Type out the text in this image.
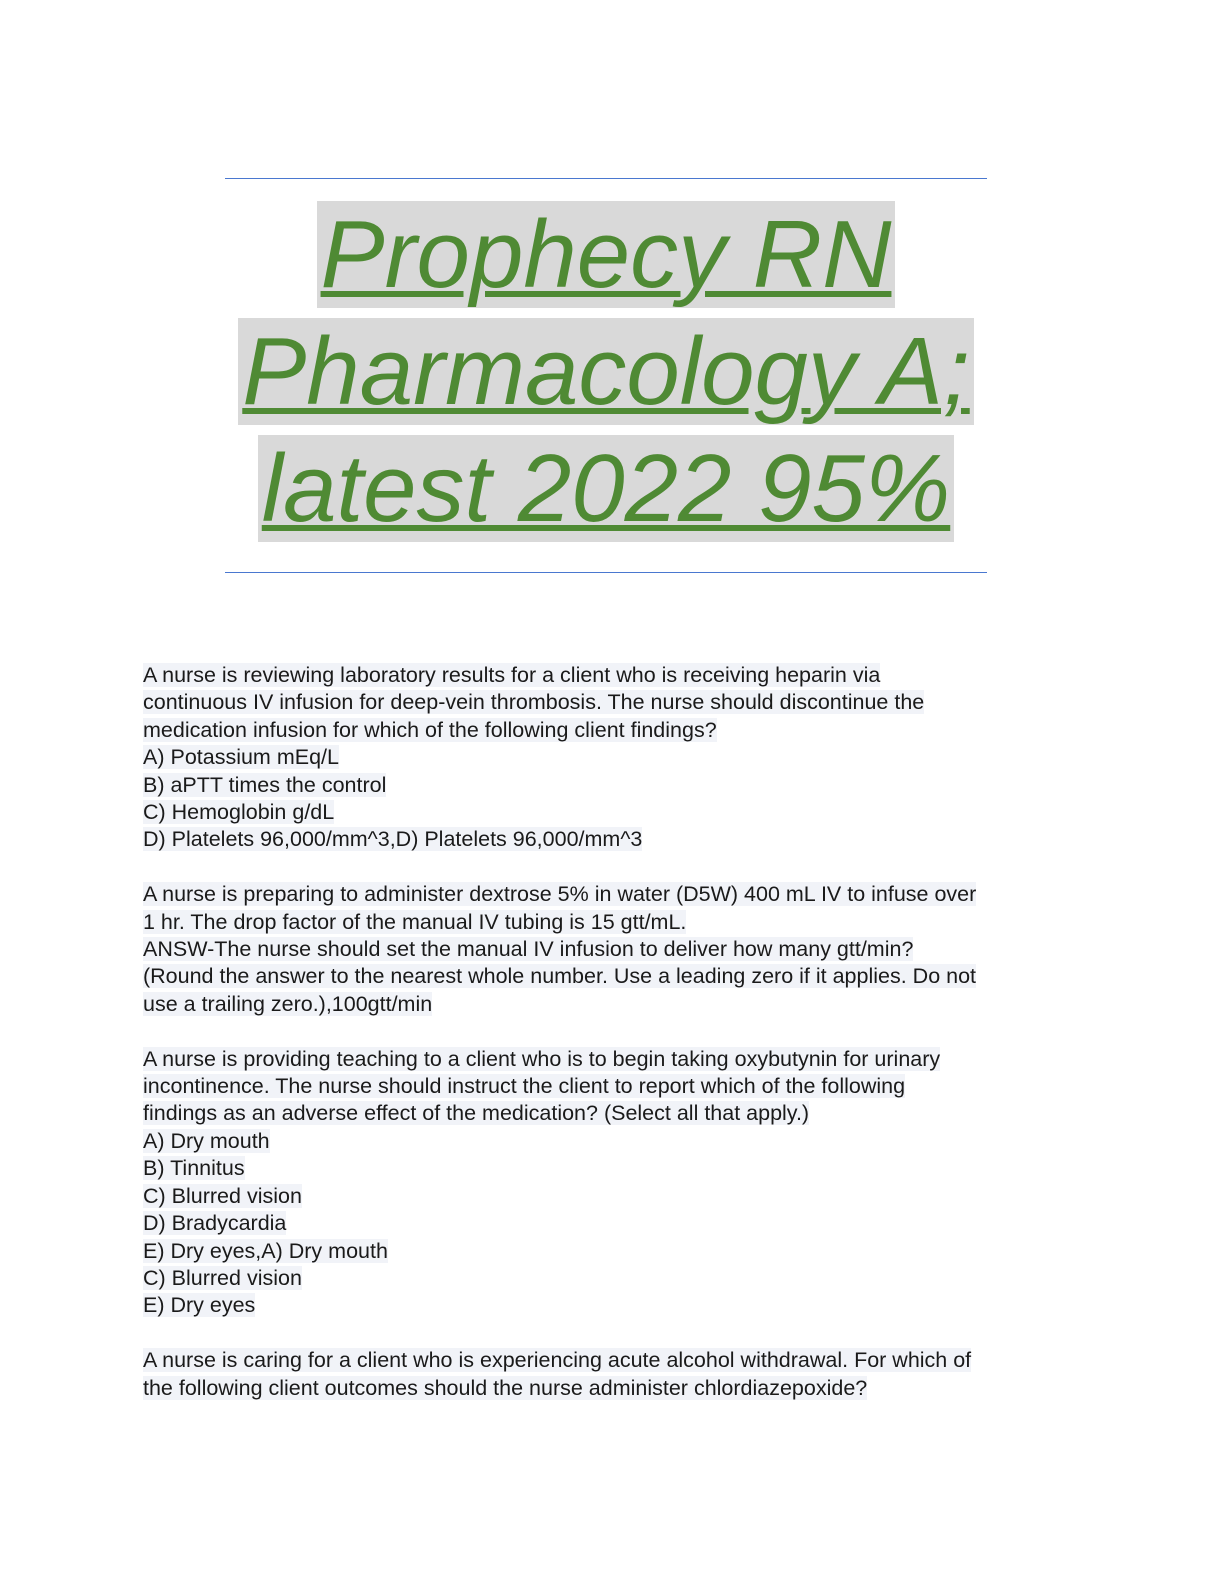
Prophecy RN
Pharmacology A;
latest 2022 95%
A nurse is reviewing laboratory results for a client who is receiving heparin via
continuous IV infusion for deep-vein thrombosis. The nurse should discontinue the
medication infusion for which of the following client findings?
A) Potassium mEq/L
B) aPTT times the control
C) Hemoglobin g/dL
D) Platelets 96,000/mm^3,D) Platelets 96,000/mm^3
A nurse is preparing to administer dextrose 5% in water (D5W) 400 mL IV to infuse over
1 hr. The drop factor of the manual IV tubing is 15 gtt/mL.
ANSW-The nurse should set the manual IV infusion to deliver how many gtt/min?
(Round the answer to the nearest whole number. Use a leading zero if it applies. Do not
use a trailing zero.),100gtt/min
A nurse is providing teaching to a client who is to begin taking oxybutynin for urinary
incontinence. The nurse should instruct the client to report which of the following
findings as an adverse effect of the medication? (Select all that apply.)
A) Dry mouth
B) Tinnitus
C) Blurred vision
D) Bradycardia
E) Dry eyes,A) Dry mouth
C) Blurred vision
E) Dry eyes
A nurse is caring for a client who is experiencing acute alcohol withdrawal. For which of
the following client outcomes should the nurse administer chlordiazepoxide?
